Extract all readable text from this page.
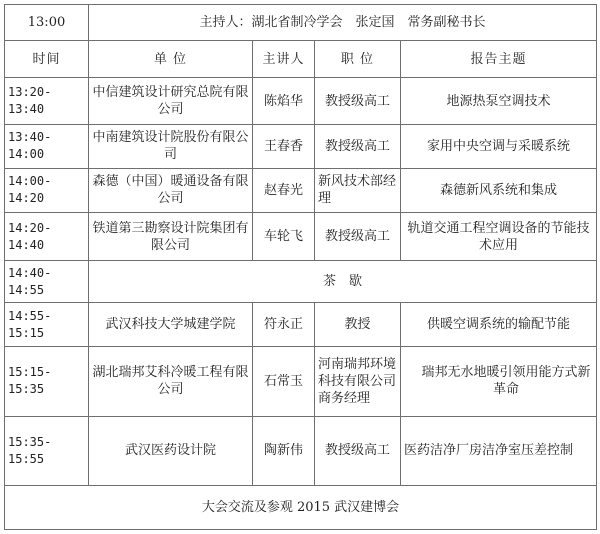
13:00	主持人：湖北省制冷学会　张定国　常务副秘书长			
时间	单 位	主讲人	职 位	报告主题
13:20-13:40	中信建筑设计研究总院有限公司	陈焰华	教授级高工	地源热泵空调技术
13:40-14:00	中南建筑设计院股份有限公司	王春香	教授级高工	家用中央空调与采暖系统
14:00-14:20	森德（中国）暖通设备有限公司	赵春光	新风技术部经理	森德新风系统和集成
14:20-14:40	铁道第三勘察设计院集团有限公司	车轮飞	教授级高工	轨道交通工程空调设备的节能技术应用
14:40-14:55	茶　歇			
14:55-15:15	武汉科技大学城建学院	符永正	教授	供暖空调系统的输配节能
15:15-15:35	湖北瑞邦艾科冷暖工程有限公司	石常玉	河南瑞邦环境科技有限公司商务经理	瑞邦无水地暖引领用能方式新革命
15:35-15:55	武汉医药设计院	陶新伟	教授级高工	医药洁净厂房洁净室压差控制
大会交流及参观 2015 武汉建博会				
